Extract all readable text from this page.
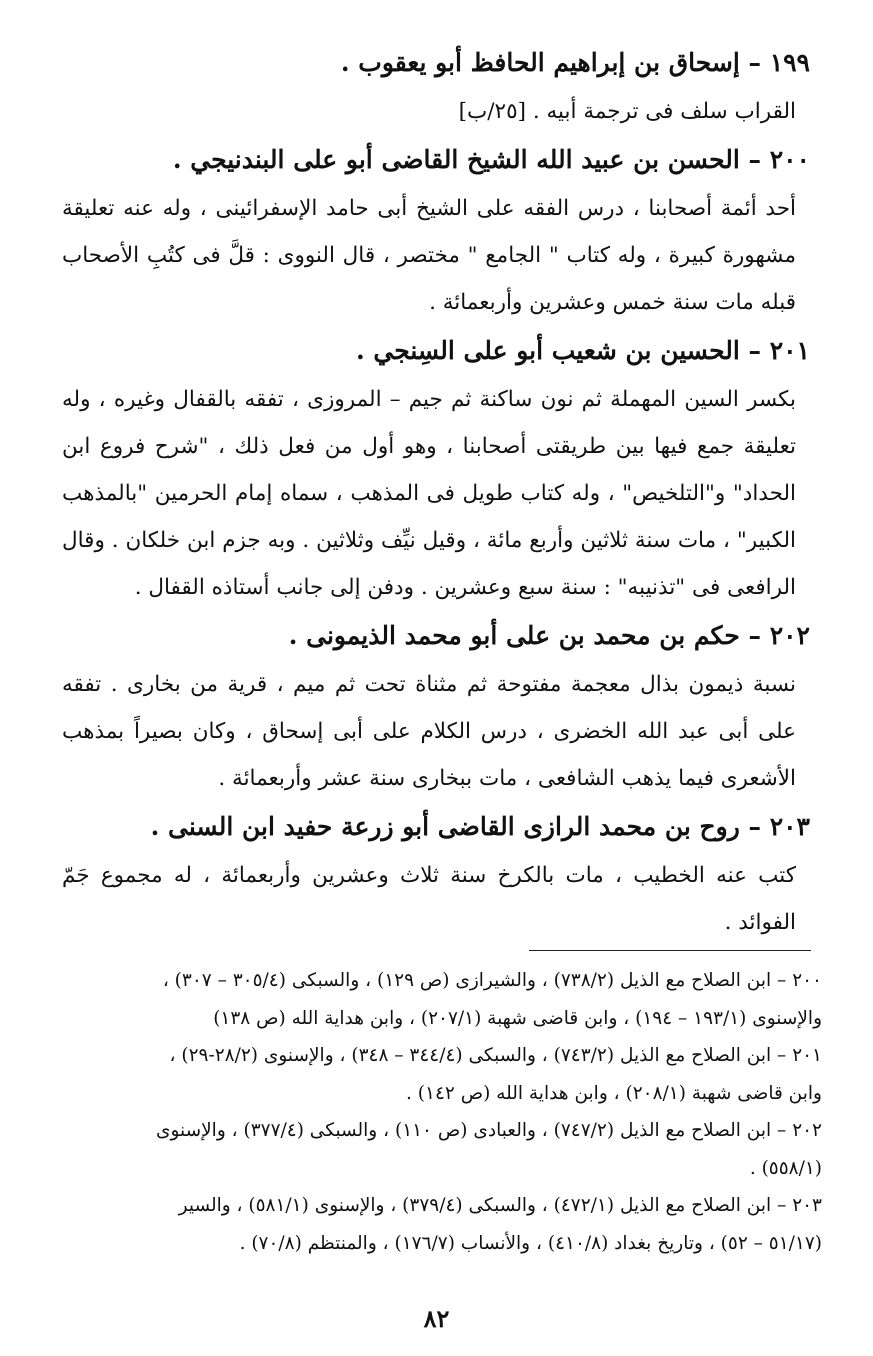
١٩٩ – إسحاق بن إبراهيم الحافظ أبو يعقوب .

القراب سلف فى ترجمة أبيه . [٢٥/ب]

٢٠٠ – الحسن بن عبيد الله الشيخ القاضى أبو على البندنيجي .

أحد أئمة أصحابنا ، درس الفقه على الشيخ أبى حامد الإسفرائينى ، وله عنه تعليقة مشهورة كبيرة ، وله كتاب " الجامع " مختصر ، قال النووى : قلَّ فى كتُبِ الأصحاب قبله مات سنة خمس وعشرين وأربعمائة .

٢٠١ – الحسين بن شعيب أبو على السِنجي .

بكسر السين المهملة ثم نون ساكنة ثم جيم – المروزى ، تفقه بالقفال وغيره ، وله تعليقة جمع فيها بين طريقتى أصحابنا ، وهو أول من فعل ذلك ، "شرح فروع ابن الحداد" و"التلخيص" ، وله كتاب طويل فى المذهب ، سماه إمام الحرمين "بالمذهب الكبير" ، مات سنة ثلاثين وأربع مائة ، وقيل نيِّف وثلاثين . وبه جزم ابن خلكان . وقال الرافعى فى "تذنيبه" : سنة سبع وعشرين . ودفن إلى جانب أستاذه القفال .

٢٠٢ – حكم بن محمد بن على أبو محمد الذيمونى .

نسبة ذيمون بذال معجمة مفتوحة ثم مثناة تحت ثم ميم ، قرية من بخارى . تفقه على أبى عبد الله الخضرى ، درس الكلام على أبى إسحاق ، وكان بصيراً بمذهب الأشعرى فيما يذهب الشافعى ، مات ببخارى سنة عشر وأربعمائة .

٢٠٣ – روح بن محمد الرازى القاضى أبو زرعة حفيد ابن السنى .

كتب عنه الخطيب ، مات بالكرخ سنة ثلاث وعشرين وأربعمائة ، له مجموع جَمّ الفوائد .

٢٠٠ – ابن الصلاح مع الذيل (٧٣٨/٢) ، والشيرازى (ص ١٢٩) ، والسبكى (٣٠٥/٤ – ٣٠٧) ،
والإسنوى (١٩٣/١ – ١٩٤) ، وابن قاضى شهبة (٢٠٧/١) ، وابن هداية الله (ص ١٣٨)

٢٠١ – ابن الصلاح مع الذيل (٧٤٣/٢) ، والسبكى (٣٤٤/٤ – ٣٤٨) ، والإسنوى (٢٨/٢-٢٩) ،
وابن قاضى شهبة (٢٠٨/١) ، وابن هداية الله (ص ١٤٢) .

٢٠٢ – ابن الصلاح مع الذيل (٧٤٧/٢) ، والعبادى (ص ١١٠) ، والسبكى (٣٧٧/٤) ، والإسنوى
(٥٥٨/١) .

٢٠٣ – ابن الصلاح مع الذيل (٤٧٢/١) ، والسبكى (٣٧٩/٤) ، والإسنوى (٥٨١/١) ، والسير
(٥١/١٧ – ٥٢) ، وتاريخ بغداد (٤١٠/٨) ، والأنساب (١٧٦/٧) ، والمنتظم (٧٠/٨) .

٨٢
